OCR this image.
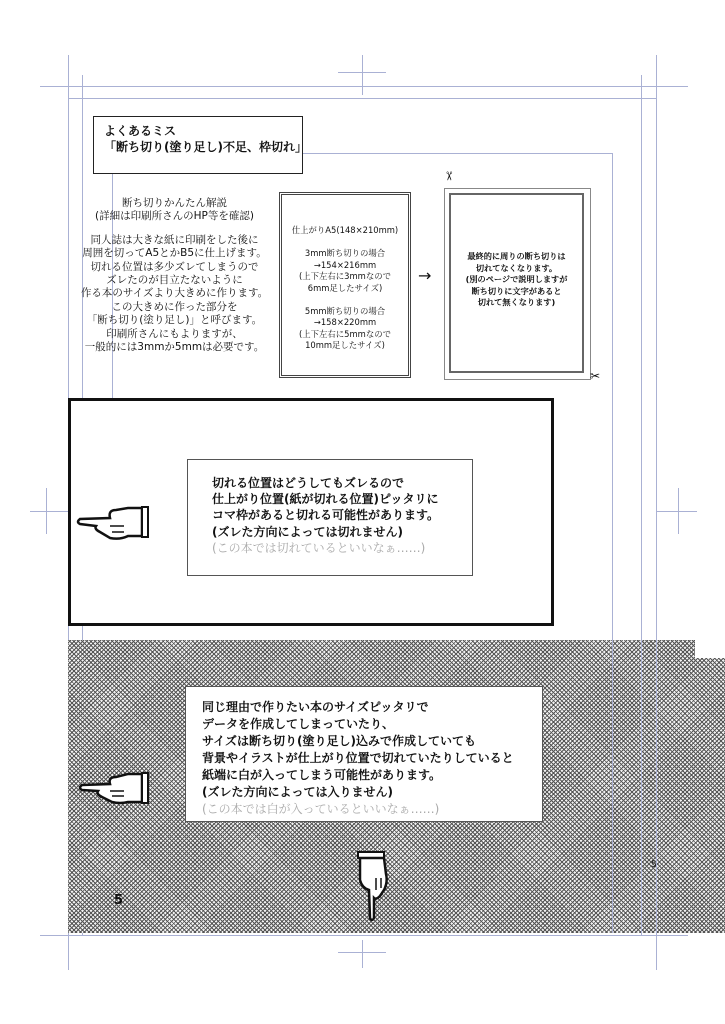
よくあるミス
「断ち切り(塗り足し)不足、枠切れ」
断ち切りかんたん解説
(詳細は印刷所さんのHP等を確認)
同人誌は大きな紙に印刷をした後に
周囲を切ってA5とかB5に仕上げます。
切れる位置は多少ズレてしまうので
ズレたのが目立たないように
作る本のサイズより大きめに作ります。
この大きめに作った部分を
「断ち切り(塗り足し)」と呼びます。
印刷所さんにもよりますが、
一般的には3mmか5mmは必要です。
仕上がりA5(148×210mm)
3mm断ち切りの場合
→154×216mm
(上下左右に3mmなので
6mm足したサイズ)
5mm断ち切りの場合
→158×220mm
(上下左右に5mmなので
10mm足したサイズ)
→
最終的に周りの断ち切りは
切れてなくなります。
(別のページで説明しますが
断ち切りに文字があると
切れて無くなります)
✂
✂
切れる位置はどうしてもズレるので
仕上がり位置(紙が切れる位置)ピッタリに
コマ枠があると切れる可能性があります。
(ズレた方向によっては切れません)
(この本では切れているといいなぁ……)
同じ理由で作りたい本のサイズピッタリで
データを作成してしまっていたり、
サイズは断ち切り(塗り足し)込みで作成していても
背景やイラストが仕上がり位置で切れていたりしていると
紙端に白が入ってしまう可能性があります。
(ズレた方向によっては入りません)
(この本では白が入っているといいなぁ……)
5
5
